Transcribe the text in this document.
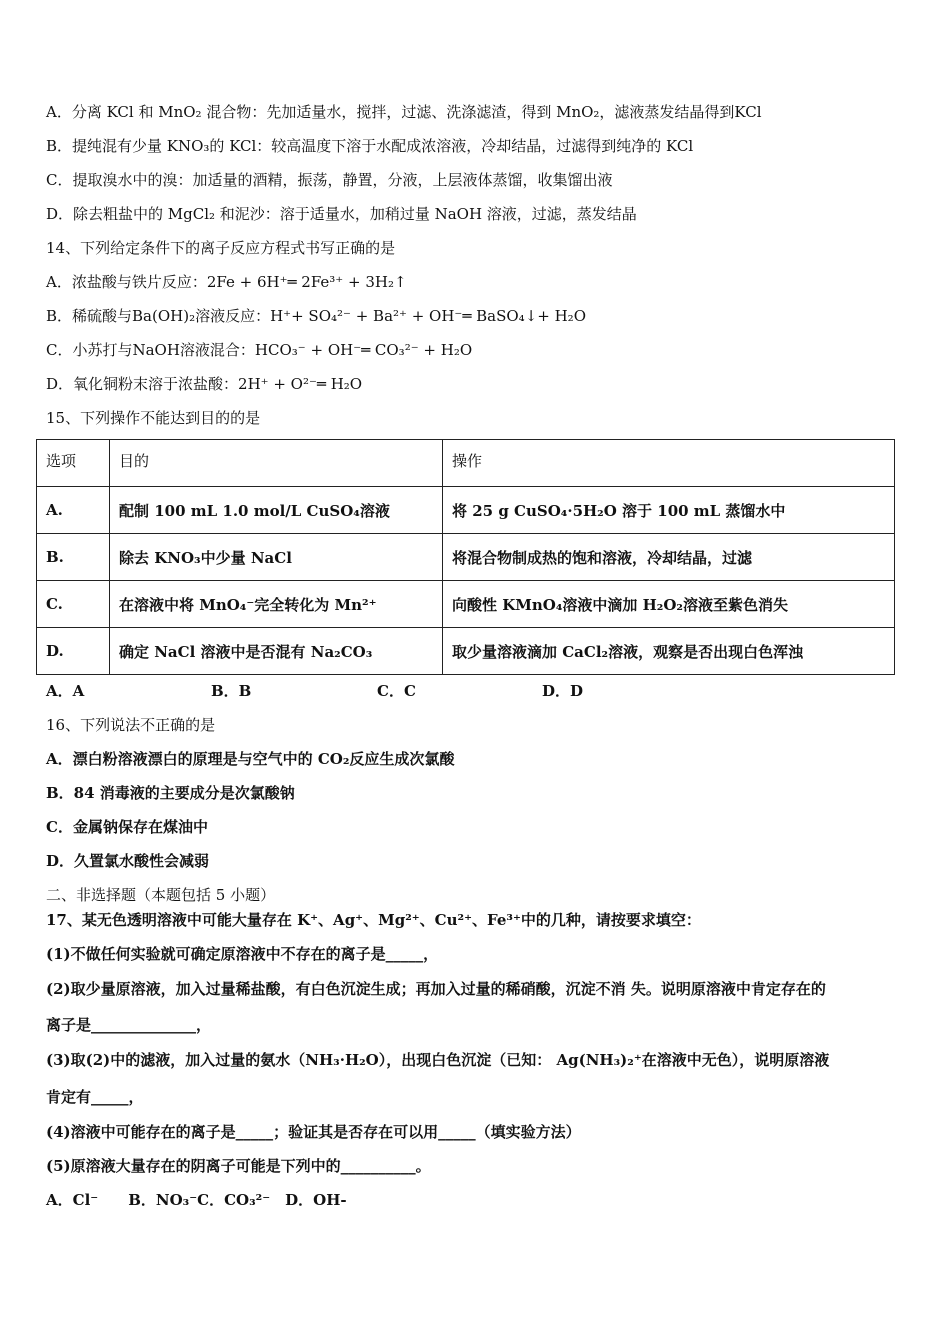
A．分离 KCl 和 MnO₂ 混合物：先加适量水，搅拌，过滤、洗涤滤渣，得到 MnO₂，滤液蒸发结晶得到KCl
B．提纯混有少量 KNO₃的 KCl：较高温度下溶于水配成浓溶液，冷却结晶，过滤得到纯净的 KCl
C．提取溴水中的溴：加适量的酒精，振荡，静置，分液，上层液体蒸馏，收集馏出液
D．除去粗盐中的 MgCl₂ 和泥沙：溶于适量水，加稍过量 NaOH 溶液，过滤，蒸发结晶
14、下列给定条件下的离子反应方程式书写正确的是
A．浓盐酸与铁片反应：2Fe + 6H⁺═ 2Fe³⁺ + 3H₂↑
B．稀硫酸与Ba(OH)₂溶液反应：H⁺+ SO₄²⁻ + Ba²⁺ + OH⁻═ BaSO₄↓+ H₂O
C．小苏打与NaOH溶液混合：HCO₃⁻ + OH⁻═ CO₃²⁻ + H₂O
D．氧化铜粉末溶于浓盐酸：2H⁺ + O²⁻═ H₂O
15、下列操作不能达到目的的是
选项	目的	操作
A.	配制 100 mL 1.0 mol/L CuSO₄溶液	将 25 g CuSO₄·5H₂O 溶于 100 mL 蒸馏水中
B.	除去 KNO₃中少量 NaCl	将混合物制成热的饱和溶液，冷却结晶，过滤
C.	在溶液中将 MnO₄⁻完全转化为 Mn²⁺	向酸性 KMnO₄溶液中滴加 H₂O₂溶液至紫色消失
D.	确定 NaCl 溶液中是否混有 Na₂CO₃	取少量溶液滴加 CaCl₂溶液，观察是否出现白色浑浊
A．A	B．B	C．C	D．D
16、下列说法不正确的是
A．漂白粉溶液漂白的原理是与空气中的 CO₂反应生成次氯酸
B．84 消毒液的主要成分是次氯酸钠
C．金属钠保存在煤油中
D．久置氯水酸性会减弱
二、非选择题（本题包括 5 小题）
17、某无色透明溶液中可能大量存在 K⁺、Ag⁺、Mg²⁺、Cu²⁺、Fe³⁺中的几种，请按要求填空：
(1)不做任何实验就可确定原溶液中不存在的离子是_____，
(2)取少量原溶液，加入过量稀盐酸，有白色沉淀生成；再加入过量的稀硝酸，沉淀不消 失。说明原溶液中肯定存在的
离子是______________，
(3)取(2)中的滤液，加入过量的氨水（NH₃·H₂O），出现白色沉淀（已知： Ag(NH₃)₂⁺在溶液中无色），说明原溶液
肯定有_____，
(4)溶液中可能存在的离子是_____；验证其是否存在可以用_____（填实验方法）
(5)原溶液大量存在的阴离子可能是下列中的__________。
A．Cl⁻　　B．NO₃⁻C．CO₃²⁻　D．OH-
